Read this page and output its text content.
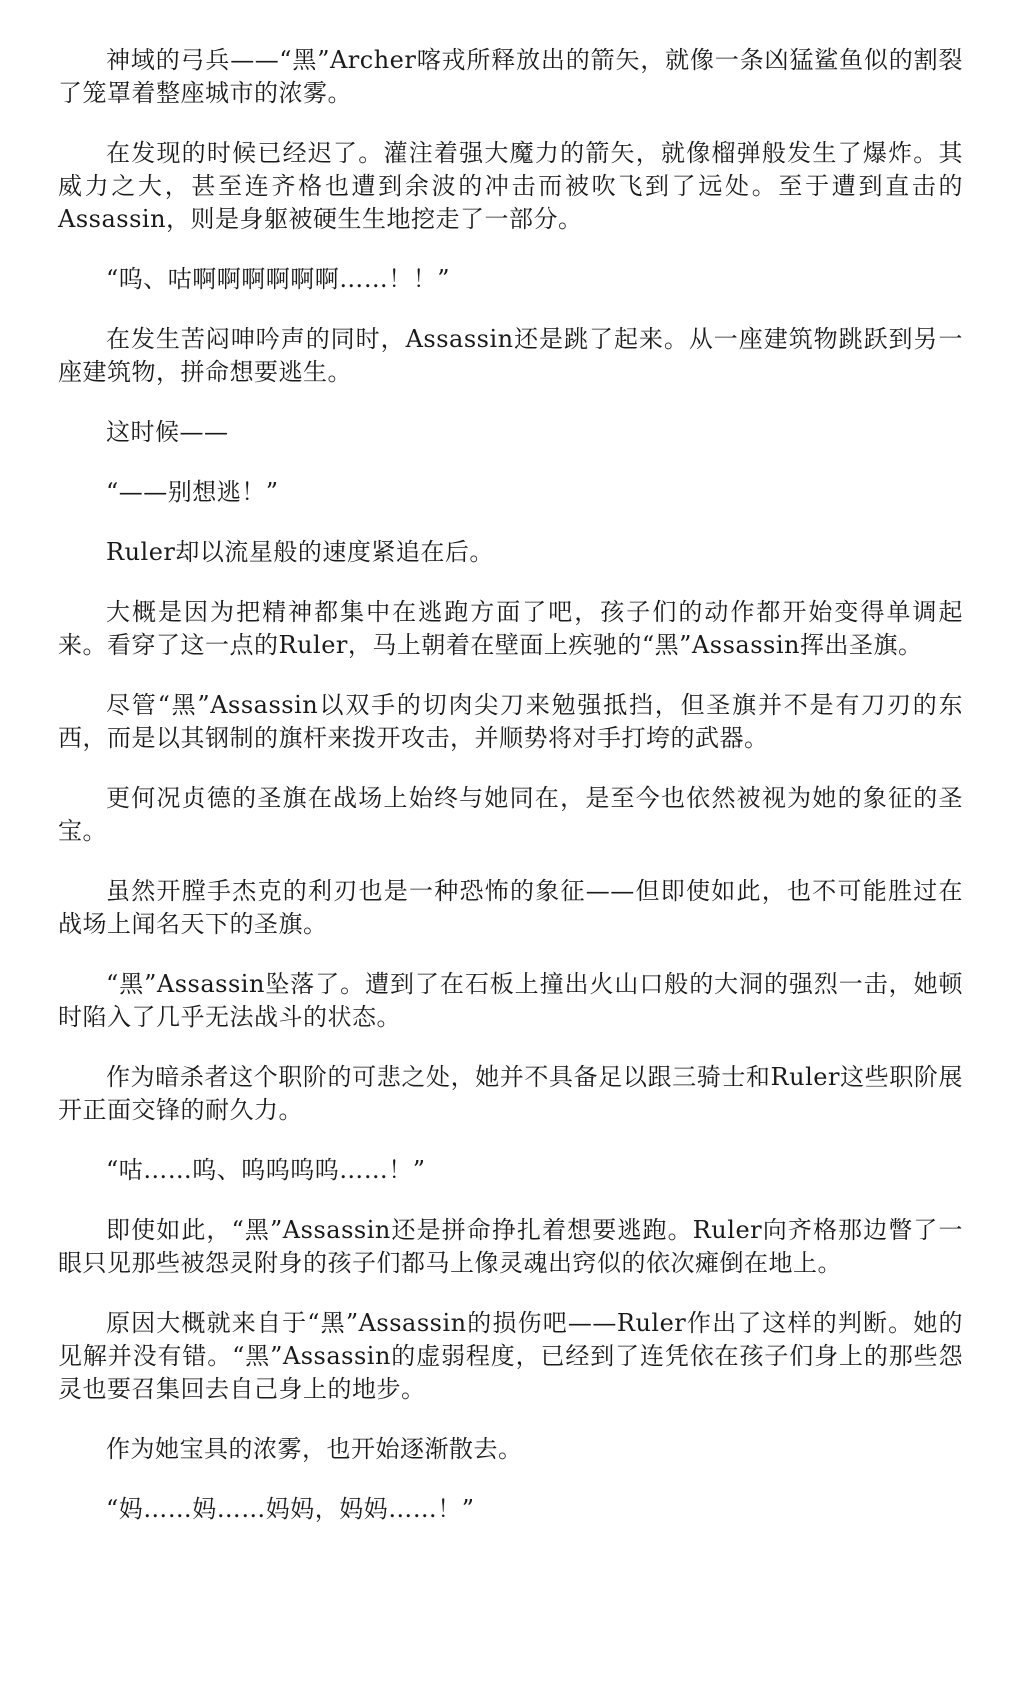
神域的弓兵——“黑”Archer喀戎所释放出的箭矢，就像一条凶猛鲨鱼似的割裂了笼罩着整座城市的浓雾。

在发现的时候已经迟了。灌注着强大魔力的箭矢，就像榴弹般发生了爆炸。其威力之大，甚至连齐格也遭到余波的冲击而被吹飞到了远处。至于遭到直击的Assassin，则是身躯被硬生生地挖走了一部分。

“呜、咕啊啊啊啊啊啊……！！”

在发生苦闷呻吟声的同时，Assassin还是跳了起来。从一座建筑物跳跃到另一座建筑物，拼命想要逃生。

这时候——

“——别想逃！”

Ruler却以流星般的速度紧追在后。

大概是因为把精神都集中在逃跑方面了吧，孩子们的动作都开始变得单调起来。看穿了这一点的Ruler，马上朝着在壁面上疾驰的“黑”Assassin挥出圣旗。

尽管“黑”Assassin以双手的切肉尖刀来勉强抵挡，但圣旗并不是有刀刃的东西，而是以其钢制的旗杆来拨开攻击，并顺势将对手打垮的武器。

更何况贞德的圣旗在战场上始终与她同在，是至今也依然被视为她的象征的圣宝。

虽然开膛手杰克的利刃也是一种恐怖的象征——但即使如此，也不可能胜过在战场上闻名天下的圣旗。

“黑”Assassin坠落了。遭到了在石板上撞出火山口般的大洞的强烈一击，她顿时陷入了几乎无法战斗的状态。

作为暗杀者这个职阶的可悲之处，她并不具备足以跟三骑士和Ruler这些职阶展开正面交锋的耐久力。

“咕……呜、呜呜呜呜……！”

即使如此，“黑”Assassin还是拼命挣扎着想要逃跑。Ruler向齐格那边瞥了一眼只见那些被怨灵附身的孩子们都马上像灵魂出窍似的依次瘫倒在地上。

原因大概就来自于“黑”Assassin的损伤吧——Ruler作出了这样的判断。她的见解并没有错。“黑”Assassin的虚弱程度，已经到了连凭依在孩子们身上的那些怨灵也要召集回去自己身上的地步。

作为她宝具的浓雾，也开始逐渐散去。

“妈……妈……妈妈，妈妈……！”
